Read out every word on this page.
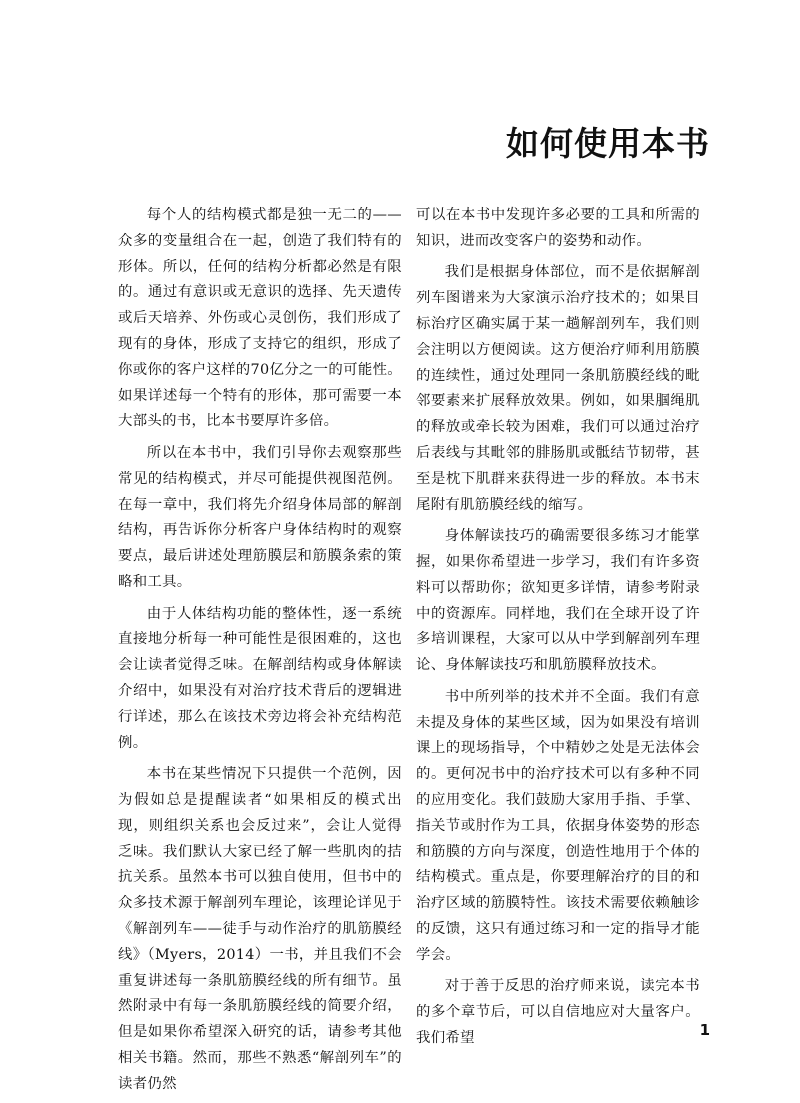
如何使用本书

每个人的结构模式都是独一无二的——众多的变量组合在一起，创造了我们特有的形体。所以，任何的结构分析都必然是有限的。通过有意识或无意识的选择、先天遗传或后天培养、外伤或心灵创伤，我们形成了现有的身体，形成了支持它的组织，形成了你或你的客户这样的70亿分之一的可能性。如果详述每一个特有的形体，那可需要一本大部头的书，比本书要厚许多倍。

所以在本书中，我们引导你去观察那些常见的结构模式，并尽可能提供视图范例。在每一章中，我们将先介绍身体局部的解剖结构，再告诉你分析客户身体结构时的观察要点，最后讲述处理筋膜层和筋膜条索的策略和工具。

由于人体结构功能的整体性，逐一系统直接地分析每一种可能性是很困难的，这也会让读者觉得乏味。在解剖结构或身体解读介绍中，如果没有对治疗技术背后的逻辑进行详述，那么在该技术旁边将会补充结构范例。

本书在某些情况下只提供一个范例，因为假如总是提醒读者“如果相反的模式出现，则组织关系也会反过来”，会让人觉得乏味。我们默认大家已经了解一些肌肉的拮抗关系。虽然本书可以独自使用，但书中的众多技术源于解剖列车理论，该理论详见于《解剖列车——徒手与动作治疗的肌筋膜经线》（Myers，2014）一书，并且我们不会重复讲述每一条肌筋膜经线的所有细节。虽然附录中有每一条肌筋膜经线的简要介绍，但是如果你希望深入研究的话，请参考其他相关书籍。然而，那些不熟悉“解剖列车”的读者仍然

可以在本书中发现许多必要的工具和所需的知识，进而改变客户的姿势和动作。

我们是根据身体部位，而不是依据解剖列车图谱来为大家演示治疗技术的；如果目标治疗区确实属于某一趟解剖列车，我们则会注明以方便阅读。这方便治疗师利用筋膜的连续性，通过处理同一条肌筋膜经线的毗邻要素来扩展释放效果。例如，如果腘绳肌的释放或牵长较为困难，我们可以通过治疗后表线与其毗邻的腓肠肌或骶结节韧带，甚至是枕下肌群来获得进一步的释放。本书末尾附有肌筋膜经线的缩写。

身体解读技巧的确需要很多练习才能掌握，如果你希望进一步学习，我们有许多资料可以帮助你；欲知更多详情，请参考附录中的资源库。同样地，我们在全球开设了许多培训课程，大家可以从中学到解剖列车理论、身体解读技巧和肌筋膜释放技术。

书中所列举的技术并不全面。我们有意未提及身体的某些区域，因为如果没有培训课上的现场指导，个中精妙之处是无法体会的。更何况书中的治疗技术可以有多种不同的应用变化。我们鼓励大家用手指、手掌、指关节或肘作为工具，依据身体姿势的形态和筋膜的方向与深度，创造性地用于个体的结构模式。重点是，你要理解治疗的目的和治疗区域的筋膜特性。该技术需要依赖触诊的反馈，这只有通过练习和一定的指导才能学会。

对于善于反思的治疗师来说，读完本书的多个章节后，可以自信地应对大量客户。我们希望	1
